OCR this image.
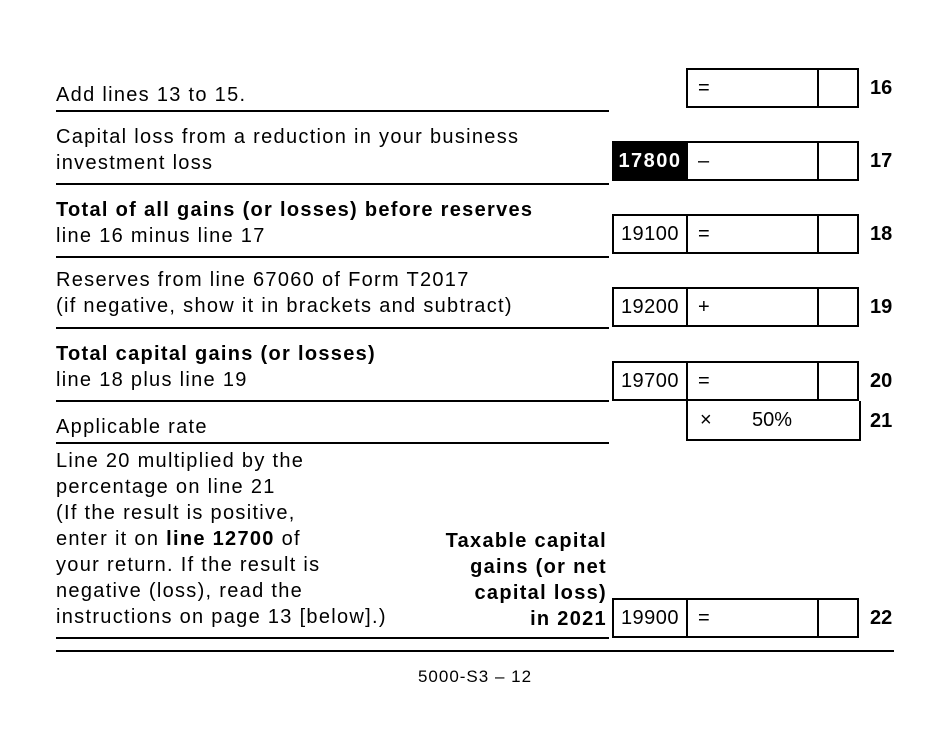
Add lines 13 to 15.	=	16
Capital loss from a reduction in your business
investment loss	17800 –	17
Total of all gains (or losses) before reserves
line 16 minus line 17	19100 =	18
Reserves from line 67060 of Form T2017
(if negative, show it in brackets and subtract)	19200 +	19
Total capital gains (or losses)
line 18 plus line 19	19700 =	20
Applicable rate	× 50%	21
Line 20 multiplied by the
percentage on line 21
(If the result is positive,
enter it on line 12700 of
your return. If the result is
negative (loss), read the
instructions on page 13 [below].)
Taxable capital
gains (or net
capital loss)
in 2021 19900 =	22
5000-S3 – 12
